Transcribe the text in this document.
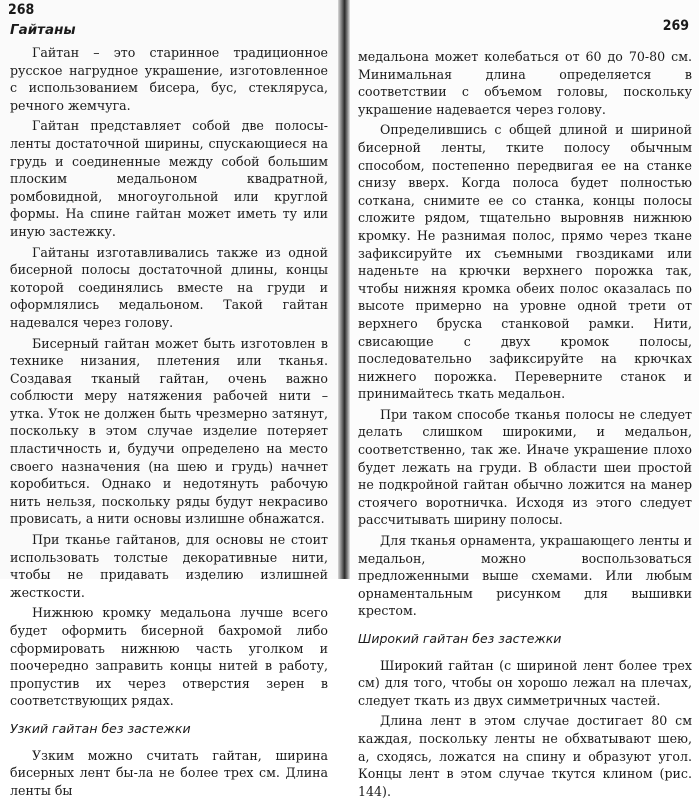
268
Гайтаны

Гайтан – это старинное традиционное русское нагрудное украшение, изготовленное с использованием бисера, бус, стекляруса, речного жемчуга.

Гайтан представляет собой две полосы-ленты достаточной ширины, спускающиеся на грудь и соединенные между собой большим плоским медальоном квадратной, ромбовидной, многоугольной или круглой формы. На спине гайтан может иметь ту или иную застежку.

Гайтаны изготавливались также из одной бисерной полосы достаточной длины, концы которой соединялись вместе на груди и оформлялись медальоном. Такой гайтан надевался через голову.

Бисерный гайтан может быть изготовлен в технике низания, плетения или тканья. Создавая тканый гайтан, очень важно соблюсти меру натяжения рабочей нити – утка. Уток не должен быть чрезмерно затянут, поскольку в этом случае изделие потеряет пластичность и, будучи определено на место своего назначения (на шею и грудь) начнет коробиться. Однако и недотянуть рабочую нить нельзя, поскольку ряды будут некрасиво провисать, а нити основы излишне обнажатся.

При тканье гайтанов, для основы не стоит использовать толстые декоративные нити, чтобы не придавать изделию излишней жесткости.

Нижнюю кромку медальона лучше всего будет оформить бисерной бахромой либо сформировать нижнюю часть уголком и поочередно заправить концы нитей в работу, пропустив их через отверстия зерен в соответствующих рядах.

Узкий гайтан без застежки

Узким можно считать гайтан, ширина бисерных лент бы-ла не более трех см. Длина ленты бы

269

медальона может колебаться от 60 до 70-80 см. Минимальная длина определяется в соответствии с объемом головы, поскольку украшение надевается через голову.

Определившись с общей длиной и шириной бисерной ленты, тките полосу обычным способом, постепенно передвигая ее на станке снизу вверх. Когда полоса будет полностью соткана, снимите ее со станка, концы полосы сложите рядом, тщательно выровняв нижнюю кромку. Не разнимая полос, прямо через ткане зафиксируйте их съемными гвоздиками или наденьте на крючки верхнего порожка так, чтобы нижняя кромка обеих полос оказалась по высоте примерно на уровне одной трети от верхнего бруска станковой рамки. Нити, свисающие с двух кромок полосы, последовательно зафиксируйте на крючках нижнего порожка. Переверните станок и принимайтесь ткать медальон.

При таком способе тканья полосы не следует делать слишком широкими, и медальон, соответственно, так же. Иначе украшение плохо будет лежать на груди. В области шеи простой не подкройной гайтан обычно ложится на манер стоячего воротничка. Исходя из этого следует рассчитывать ширину полосы.

Для тканья орнамента, украшающего ленты и медальон, можно воспользоваться предложенными выше схемами. Или любым орнаментальным рисунком для вышивки крестом.

Широкий гайтан без застежки

Широкий гайтан (с шириной лент более трех см) для того, чтобы он хорошо лежал на плечах, следует ткать из двух симметричных частей.

Длина лент в этом случае достигает 80 см каждая, поскольку ленты не обхватывают шею, а, сходясь, ложатся на спину и образуют угол. Концы лент в этом случае ткутся клином (рис. 144).
